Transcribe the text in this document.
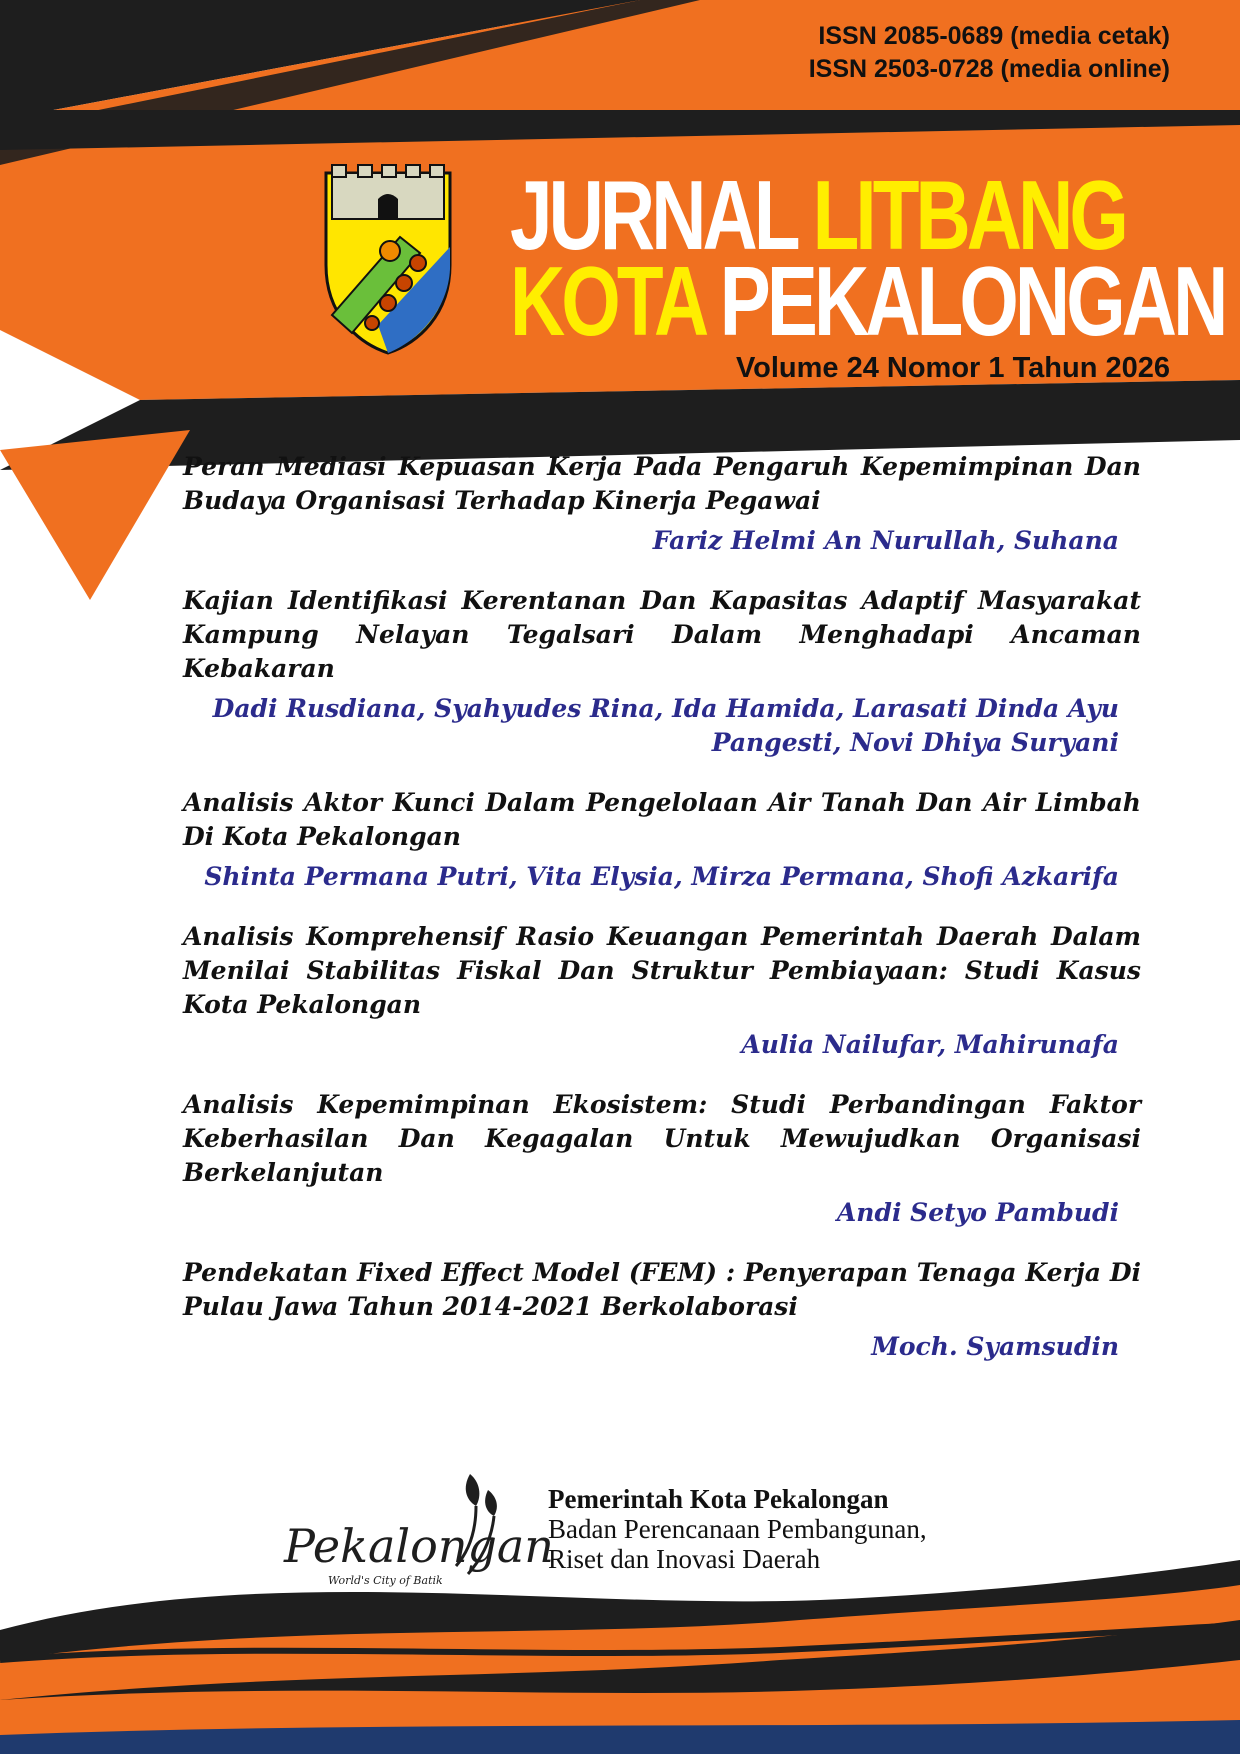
ISSN 2085-0689 (media cetak)
ISSN 2503-0728 (media online)
JURNAL LITBANG
KOTA PEKALONGAN
Volume 24 Nomor 1 Tahun 2026
Peran Mediasi Kepuasan Kerja Pada Pengaruh Kepemimpinan Dan Budaya Organisasi Terhadap Kinerja Pegawai
Fariz Helmi An Nurullah, Suhana
Kajian Identifikasi Kerentanan Dan Kapasitas Adaptif Masyarakat Kampung Nelayan Tegalsari Dalam Menghadapi Ancaman Kebakaran
Dadi Rusdiana, Syahyudes Rina, Ida Hamida, Larasati Dinda Ayu Pangesti, Novi Dhiya Suryani
Analisis Aktor Kunci Dalam Pengelolaan Air Tanah Dan Air Limbah Di Kota Pekalongan
Shinta Permana Putri, Vita Elysia, Mirza Permana, Shofi Azkarifa
Analisis Komprehensif Rasio Keuangan Pemerintah Daerah Dalam Menilai Stabilitas Fiskal Dan Struktur Pembiayaan: Studi Kasus Kota Pekalongan
Aulia Nailufar, Mahirunafa
Analisis Kepemimpinan Ekosistem: Studi Perbandingan Faktor Keberhasilan Dan Kegagalan Untuk Mewujudkan Organisasi Berkelanjutan
Andi Setyo Pambudi
Pendekatan Fixed Effect Model (FEM) : Penyerapan Tenaga Kerja Di Pulau Jawa Tahun 2014-2021 Berkolaborasi
Moch. Syamsudin
Pekalongan
World's City of Batik
Pemerintah Kota Pekalongan
Badan Perencanaan Pembangunan,
Riset dan Inovasi Daerah
